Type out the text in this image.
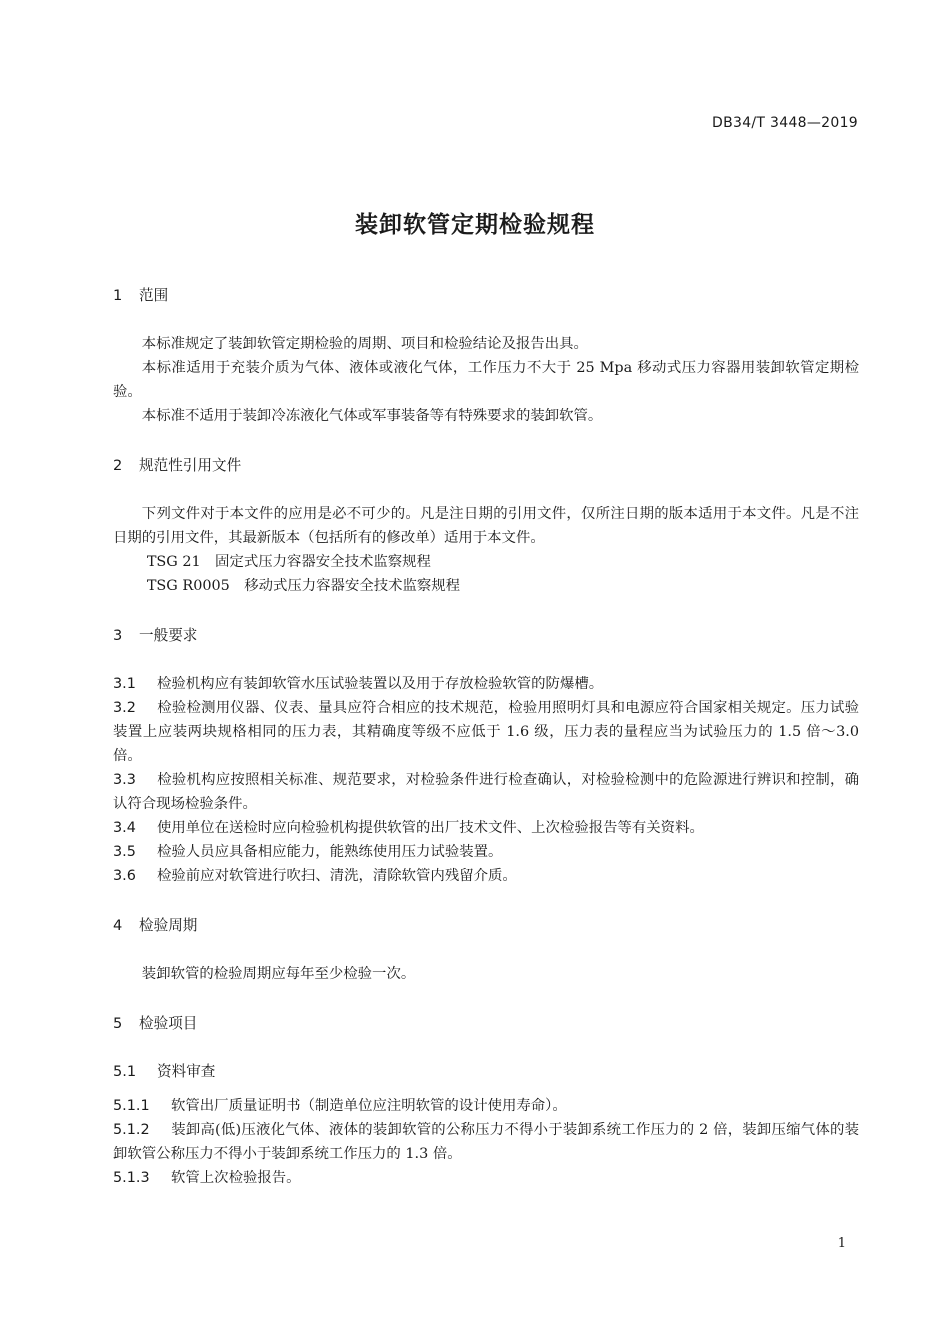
DB34/T 3448—2019
装卸软管定期检验规程
1 范围

本标准规定了装卸软管定期检验的周期、项目和检验结论及报告出具。

本标准适用于充装介质为气体、液体或液化气体，工作压力不大于 25 Mpa 移动式压力容器用装卸软管定期检验。

本标准不适用于装卸冷冻液化气体或军事装备等有特殊要求的装卸软管。

2 规范性引用文件

下列文件对于本文件的应用是必不可少的。凡是注日期的引用文件，仅所注日期的版本适用于本文件。凡是不注日期的引用文件，其最新版本（包括所有的修改单）适用于本文件。

TSG 21　固定式压力容器安全技术监察规程

TSG R0005　移动式压力容器安全技术监察规程

3 一般要求

3.1 检验机构应有装卸软管水压试验装置以及用于存放检验软管的防爆槽。

3.2 检验检测用仪器、仪表、量具应符合相应的技术规范，检验用照明灯具和电源应符合国家相关规定。压力试验装置上应装两块规格相同的压力表，其精确度等级不应低于 1.6 级，压力表的量程应当为试验压力的 1.5 倍～3.0 倍。

3.3 检验机构应按照相关标准、规范要求，对检验条件进行检查确认，对检验检测中的危险源进行辨识和控制，确认符合现场检验条件。

3.4 使用单位在送检时应向检验机构提供软管的出厂技术文件、上次检验报告等有关资料。

3.5 检验人员应具备相应能力，能熟练使用压力试验装置。

3.6 检验前应对软管进行吹扫、清洗，清除软管内残留介质。

4 检验周期

装卸软管的检验周期应每年至少检验一次。

5 检验项目
5.1 资料审查

5.1.1 软管出厂质量证明书（制造单位应注明软管的设计使用寿命）。

5.1.2 装卸高(低)压液化气体、液体的装卸软管的公称压力不得小于装卸系统工作压力的 2 倍，装卸压缩气体的装卸软管公称压力不得小于装卸系统工作压力的 1.3 倍。

5.1.3 软管上次检验报告。

1
